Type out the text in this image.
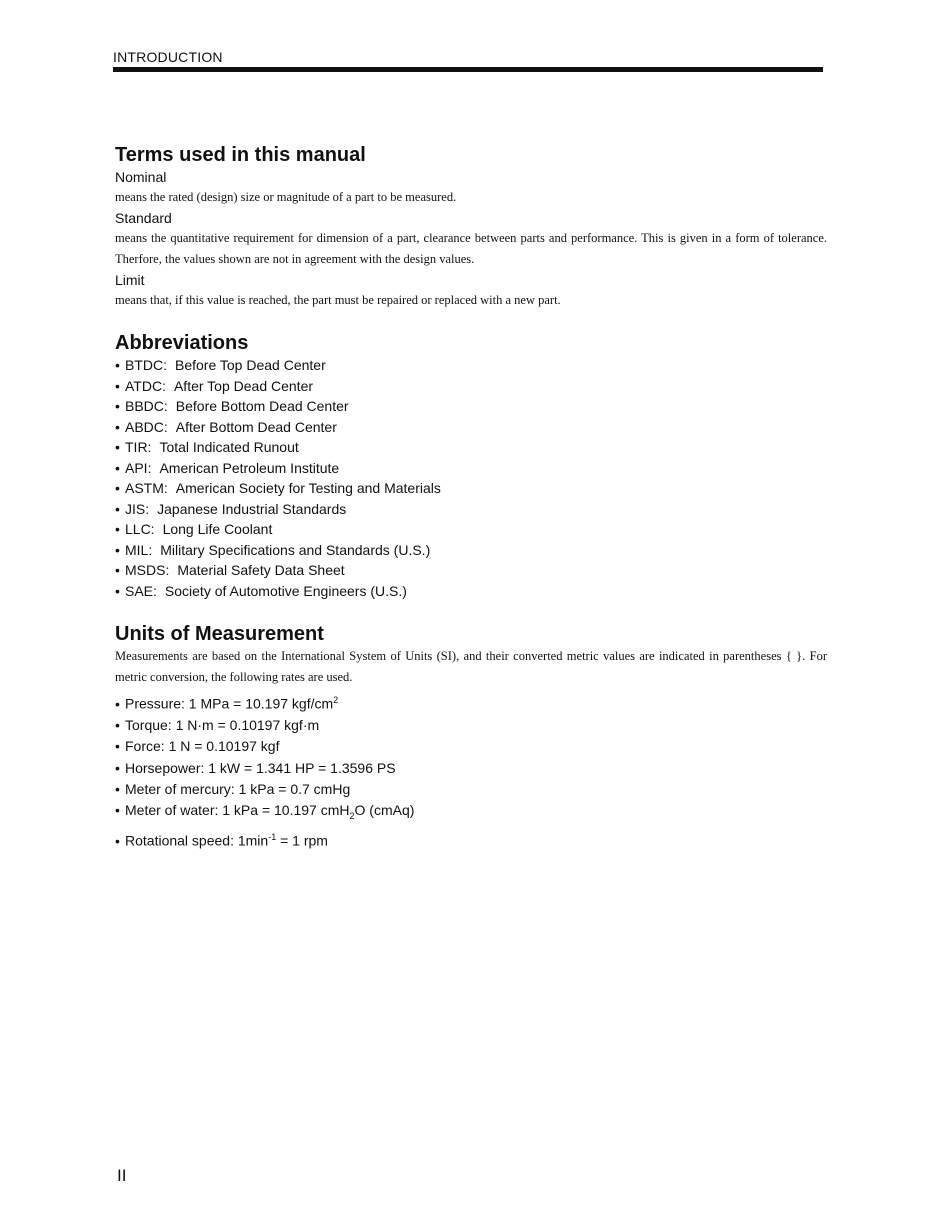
INTRODUCTION
Terms used in this manual

Nominal

means the rated (design) size or magnitude of a part to be measured.

Standard

means the quantitative requirement for dimension of a part, clearance between parts and performance. This is given in a form of tolerance. Therfore, the values shown are not in agreement with the design values.

Limit

means that, if this value is reached, the part must be repaired or replaced with a new part.

Abbreviations
• BTDC: Before Top Dead Center
• ATDC: After Top Dead Center
• BBDC: Before Bottom Dead Center
• ABDC: After Bottom Dead Center
• TIR: Total Indicated Runout
• API: American Petroleum Institute
• ASTM: American Society for Testing and Materials
• JIS: Japanese Industrial Standards
• LLC: Long Life Coolant
• MIL: Military Specifications and Standards (U.S.)
• MSDS: Material Safety Data Sheet
• SAE: Society of Automotive Engineers (U.S.)
Units of Measurement

Measurements are based on the International System of Units (SI), and their converted metric values are indicated in parentheses { }. For metric conversion, the following rates are used.

• Pressure: 1 MPa = 10.197 kgf/$cm^2$
• Torque: 1 N·m = 0.10197 kgf·m
• Force: 1 N = 0.10197 kgf
• Horsepower: 1 kW = 1.341 HP = 1.3596 PS
• Meter of mercury: 1 kPa = 0.7 cmHg
• Meter of water: 1 kPa = 10.197 cmH$_2$O (cmAq)
• Rotational speed: $1\min^{-1} = 1$ rpm
II
